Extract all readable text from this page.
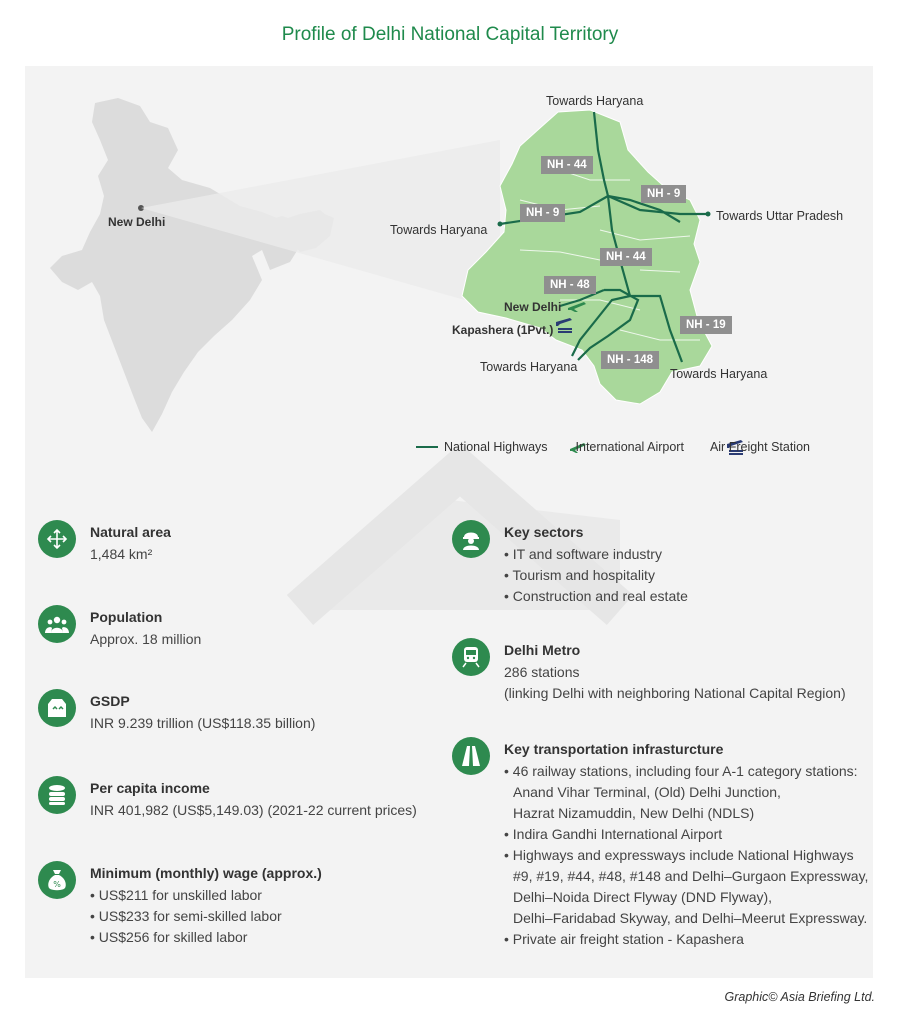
Profile of Delhi National Capital Territory
New Delhi
Towards Haryana
Towards Haryana
Towards Uttar Pradesh
Towards Haryana	Towards Haryana
NH - 44
NH - 9
NH - 9
NH - 44
NH - 48
NH - 19
NH - 148
New Delhi
Kapashera (1Pvt.)
National Highways International Airport Air Freight Station
Natural area

1,484 km²

Population

Approx. 18 million

GSDP

INR 9.239 trillion (US$118.35 billion)

Per capita income

INR 401,982 (US$5,149.03) (2021-22 current prices)

%
Minimum (monthly) wage (approx.)
• US$211 for unskilled labor
• US$233 for semi-skilled labor
• US$256 for skilled labor
Key sectors
• IT and software industry
• Tourism and hospitality
• Construction and real estate
Delhi Metro

286 stations

(linking Delhi with neighboring National Capital Region)

Key transportation infrasturcture
• 46 railway stations, including four A-1 category stations:
Anand Vihar Terminal, (Old) Delhi Junction,
Hazrat Nizamuddin, New Delhi (NDLS)
• Indira Gandhi International Airport
• Highways and expressways include National Highways
#9, #19, #44, #48, #148 and Delhi–Gurgaon Expressway,
Delhi–Noida Direct Flyway (DND Flyway),
Delhi–Faridabad Skyway, and Delhi–Meerut Expressway.
• Private air freight station - Kapashera
Graphic© Asia Briefing Ltd.
